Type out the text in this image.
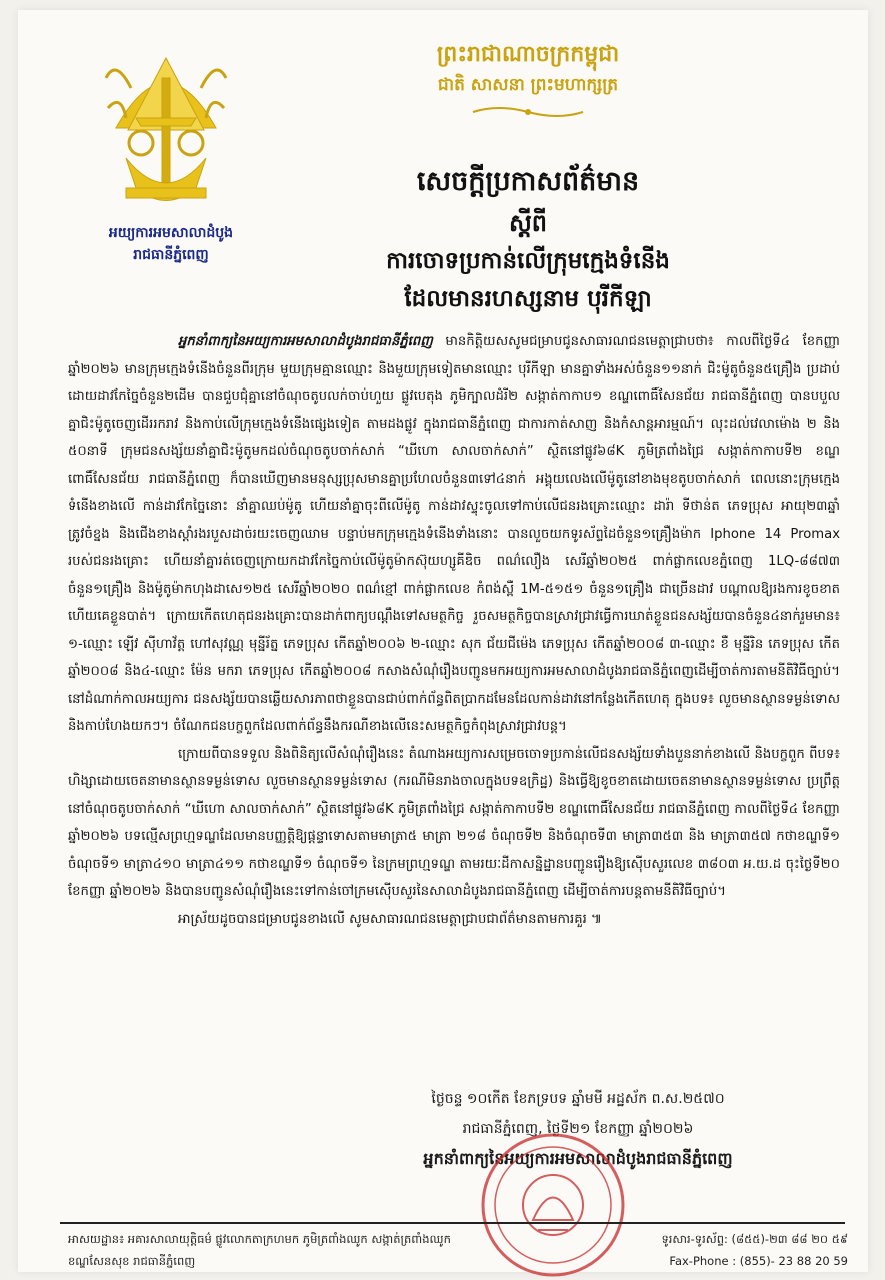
អយ្យការអមសាលាដំបូង
រាជធានីភ្នំពេញ
ព្រះរាជាណាចក្រកម្ពុជា
ជាតិ សាសនា ព្រះមហាក្សត្រ
សេចក្តីប្រកាសព័ត៌មាន
ស្តីពី
ការចោទប្រកាន់លើក្រុមក្មេងទំនើង
ដែលមានរហស្សនាម បុរីកីឡា

អ្នកនាំពាក្យនៃអយ្យការអមសាលាដំបូងរាជធានីភ្នំពេញ មានកិត្តិយសសូមជម្រាបជូនសាធារណជនមេត្តាជ្រាបថា៖ កាលពីថ្ងៃទី៤ ខែកញ្ញា ឆ្នាំ២០២៦ មានក្រុមក្មេងទំនើងចំនួនពីរក្រុម មួយក្រុមគ្មានឈ្មោះ និងមួយក្រុមទៀតមានឈ្មោះ បុរីកីឡា មានគ្នាទាំងអស់ចំនួន១១នាក់ ជិះម៉ូតូចំនួន៥គ្រឿង ប្រដាប់ដោយដាវកែច្នៃចំនួន២ដើម បានជួបជុំគ្នានៅចំណុចតូបលក់ចាប់ហួយ ផ្លូវបេតុង ភូមិក្បាលដំរី២ សង្កាត់កាកាប១ ខណ្ឌពោធិ៍សែនជ័យ រាជធានីភ្នំពេញ បានបបួលគ្នាជិះម៉ូតូចេញដើររករាវ និងកាប់លើក្រុមក្មេងទំនើងផ្សេងទៀត តាមដងផ្លូវ ក្នុងរាជធានីភ្នំពេញ ជាការកាត់សាញ និងកំសាន្តអារម្មណ៍។ លុះដល់វេលាម៉ោង ២ និង ៥០នាទី ក្រុមជនសង្ស័យនាំគ្នាជិះម៉ូតូមកដល់ចំណុចតូបចាក់សាក់ “ឃីហោ សាលចាក់សាក់” ស្ថិតនៅផ្លូវ៦៨K ភូមិត្រពាំងជ្រៃ សង្កាត់កាកាបទី២ ខណ្ឌពោធិ៍សែនជ័យ រាជធានីភ្នំពេញ ក៏បានឃើញមានមនុស្សប្រុសមានគ្នាប្រហែលចំនួន៣ទៅ៤នាក់ អង្គុយលេងលើម៉ូតូនៅខាងមុខតូបចាក់សាក់ ពេលនោះក្រុមក្មេងទំនើងខាងលើ កាន់ដាវកែច្នៃនោះ នាំគ្នាឈប់ម៉ូតូ ហើយនាំគ្នាចុះពីលើម៉ូតូ កាន់ដាវស្ទុះចូលទៅកាប់លើជនរងគ្រោះឈ្មោះ ដារ៉ា ទីថាន់ត ភេទប្រុស អាយុ២៣ឆ្នាំ ត្រូវចំខ្នង និងជើងខាងស្តាំរងរបួសដាច់រយះចេញឈាម បន្ទាប់មកក្រុមក្មេងទំនើងទាំងនោះ បានលួចយកទូរស័ព្ទដៃចំនួន១គ្រឿងម៉ាក Iphone 14 Promax របស់ជនរងគ្រោះ ហើយនាំគ្នារត់ចេញក្រោយកដាវកែច្នៃកាប់លើម៉ូតូម៉ាកស៊ុយហ្សូគីឌិច ពណ៌លឿង សេរីឆ្នាំ២០២៥ ពាក់ផ្លាកលេខភ្នំពេញ 1LQ-៨៨៧៣ ចំនួន១គ្រឿង និងម៉ូតូម៉ាកហុងដាសេ១២៥ សេរីឆ្នាំ២០២០ ពណ៌ខ្មៅ ពាក់ផ្លាកលេខ កំពង់ស្ពឺ 1M-៥១៥១ ចំនួន១គ្រឿង ជាច្រើនដាវ បណ្តាលឱ្យរងការខូចខាត ហើយគេខ្លួនបាត់។ ក្រោយកើតហេតុជនរងគ្រោះបានដាក់ពាក្យបណ្តឹងទៅសមត្ថកិច្ច រួចសមត្ថកិច្ចបានស្រាវជ្រាវធ្វើការឃាត់ខ្លួនជនសង្ស័យបានចំនួន៤នាក់រួមមាន៖ ១-ឈ្មោះ ឡើវ ស៊ីហាវ័ត្ត ហៅសុវណ្ណ មុន្នីរ័ត្ន ភេទប្រុស កើតឆ្នាំ២០០៦ ២-ឈ្មោះ សុក ជ័យជីម៉េង ភេទប្រុស កើតឆ្នាំ២០០៨ ៣-ឈ្មោះ ខឺ មុន្នីរិន ភេទប្រុស កើតឆ្នាំ២០០៨ និង៤-ឈ្មោះ ម៉ែន មករា ភេទប្រុស កើតឆ្នាំ២០០៨ កសាងសំណុំរឿងបញ្ជូនមកអយ្យការអមសាលាដំបូងរាជធានីភ្នំពេញដើម្បីចាត់ការតាមនីតិវិធីច្បាប់។ នៅដំណាក់កាលអយ្យការ ជនសង្ស័យបានឆ្លើយសារភាពថាខ្លួនបានជាប់ពាក់ព័ន្ធពិតប្រាកដមែនដែលកាន់ដាវនៅកន្លែងកើតហេតុ ក្នុងបទ៖ លួចមានស្ថានទម្ងន់ទោស និងកាប់ហែងយកៗ។ ចំណែកជនបក្ខពួកដែលពាក់ព័ន្ធនឹងករណីខាងលើនេះសមត្ថកិច្ចកំពុងស្រាវជ្រាវបន្ត។

ក្រោយពីបានទទួល និងពិនិត្យលើសំណុំរឿងនេះ តំណាងអយ្យការសម្រេចចោទប្រកាន់លើជនសង្ស័យទាំងបួននាក់ខាងលើ និងបក្ខពួក ពីបទ៖ ហិង្សាដោយចេតនាមានស្ថានទម្ងន់ទោស លួចមានស្ថានទម្ងន់ទោស (ករណីមិនរាងចាលក្នុងបទឧក្រិដ្ឋ) និងធ្វើឱ្យខូចខាតដោយចេតនាមានស្ថានទម្ងន់ទោស ប្រព្រឹត្តនៅចំណុចតូបចាក់សាក់ “ឃីហោ សាលចាក់សាក់” ស្ថិតនៅផ្លូវ៦៨K ភូមិត្រពាំងជ្រៃ សង្កាត់កាកាបទី២ ខណ្ឌពោធិ៍សែនជ័យ រាជធានីភ្នំពេញ កាលពីថ្ងៃទី៤ ខែកញ្ញា ឆ្នាំ២០២៦ បទល្មើសព្រហ្មទណ្ឌដែលមានបញ្ញត្តិឱ្យផ្តន្ទាទោសតាមមាត្រា៥ មាត្រា ២១៨ ចំណុចទី២ និងចំណុចទី៣ មាត្រា៣៥៣ និង មាត្រា៣៥៧ កថាខណ្ឌទី១ ចំណុចទី១ មាត្រា៤១០ មាត្រា៤១១ កថាខណ្ឌទី១ ចំណុចទី១ នៃក្រមព្រហ្មទណ្ឌ តាមរយៈដីកាសន្និដ្ឋានបញ្ជូនរឿងឱ្យស៊ើបសួរលេខ ៣៨០៣ អ.យ.ដ ចុះថ្ងៃទី២០ ខែកញ្ញា ឆ្នាំ២០២៦ និងបានបញ្ជូនសំណុំរឿងនេះទៅកាន់ចៅក្រមស៊ើបសួរនៃសាលាដំបូងរាជធានីភ្នំពេញ ដើម្បីចាត់ការបន្តតាមនីតិវិធីច្បាប់។

អាស្រ័យដូចបានជម្រាបជូនខាងលើ សូមសាធារណជនមេត្តាជ្រាបជាព័ត៌មានតាមការគួរ ៕

ថ្ងៃចន្ទ ១០កើត ខែភទ្របទ ឆ្នាំមមី អដ្ឋស័ក ព.ស.២៥៧០
រាជធានីភ្នំពេញ, ថ្ងៃទី២១ ខែកញ្ញា ឆ្នាំ២០២៦
អ្នកនាំពាក្យនៃអយ្យការអមសាលាដំបូងរាជធានីភ្នំពេញ
អាសយដ្ឋាន៖ អគារសាលាយុត្តិធម៌ ផ្លូវលោកតាក្រហមក ភូមិត្រពាំងឈូក សង្កាត់ត្រពាំងឈូក
ខណ្ឌសែនសុខ រាជធានីភ្នំពេញ
ទូរសារ-ទូរស័ព្ទ: (៨៥៥)-២៣ ៨៨ ២០ ៥៩
Fax-Phone : (855)- 23 88 20 59
